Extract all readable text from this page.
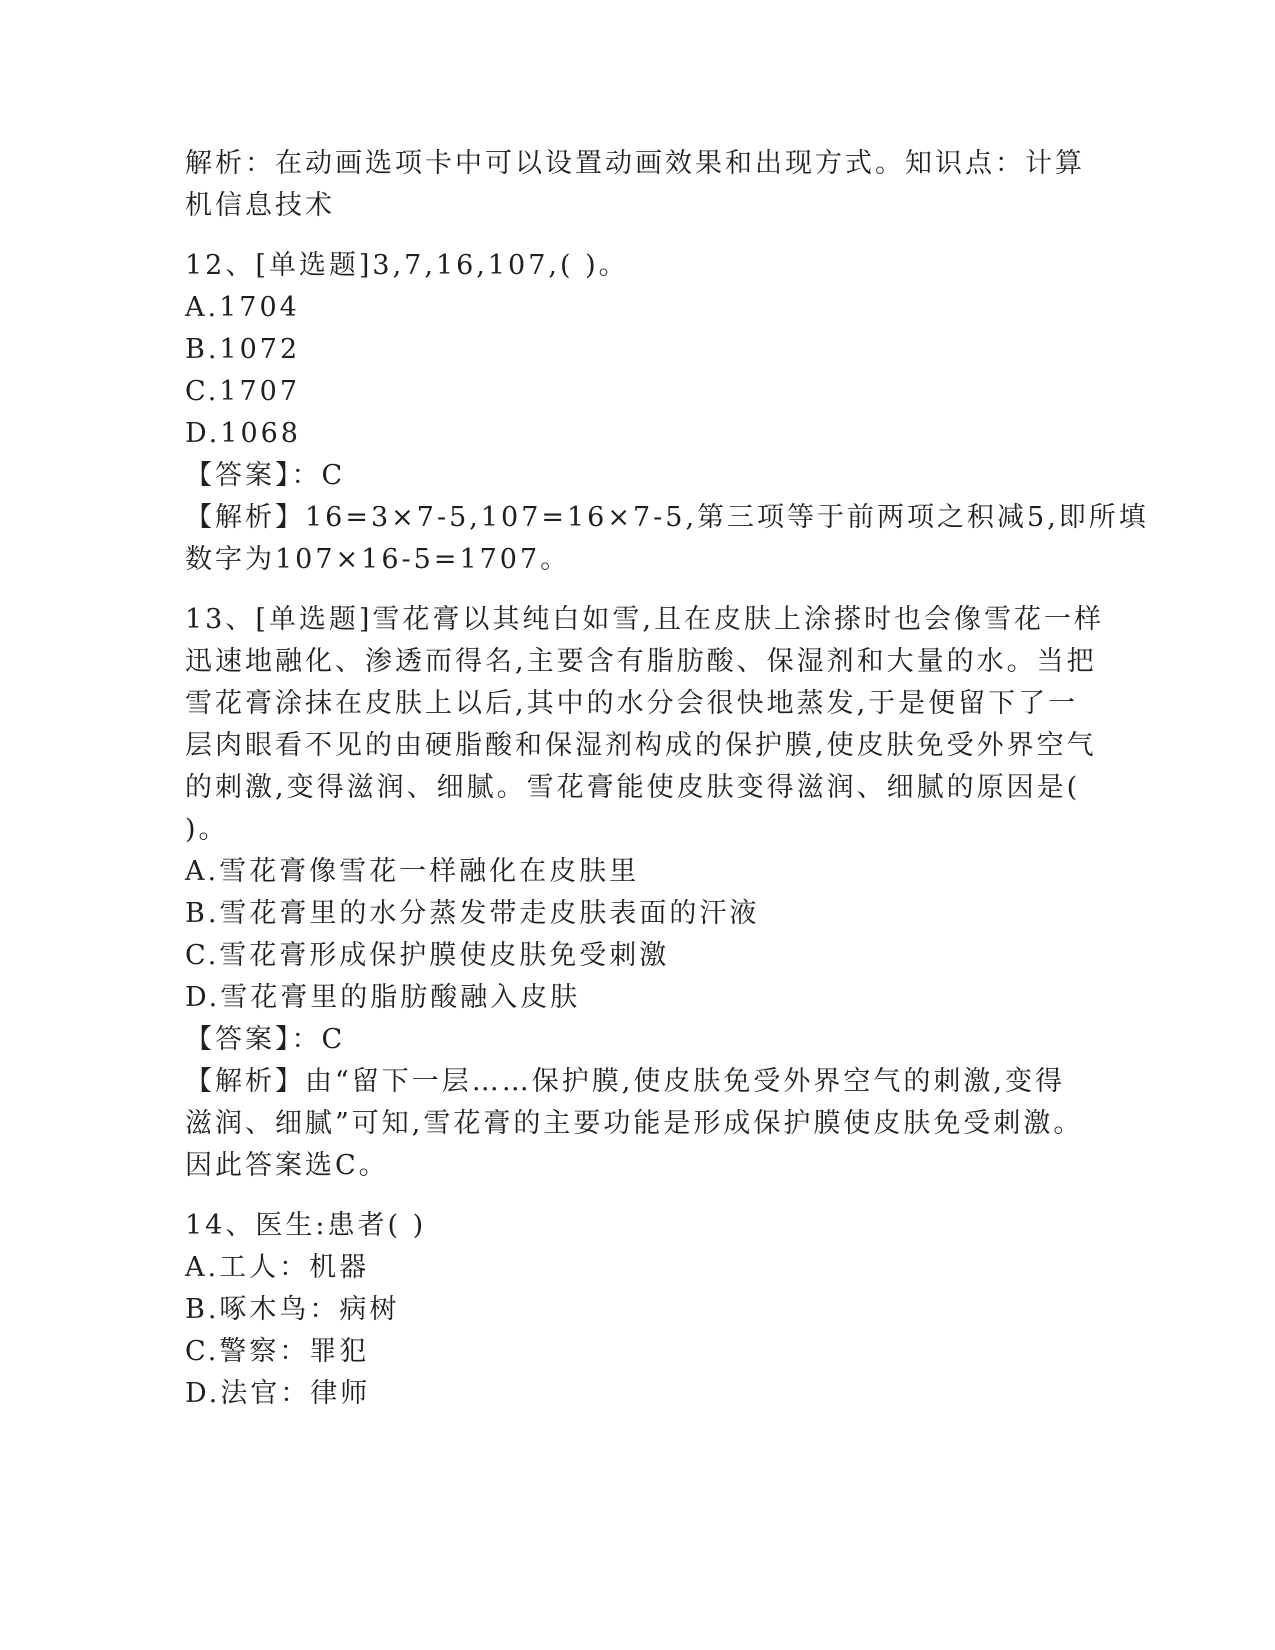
解析：在动画选项卡中可以设置动画效果和出现方式。知识点：计算
机信息技术
12、[单选题]3,7,16,107,( )。
A.1704
B.1072
C.1707
D.1068
【答案】：C
【解析】16=3×7-5,107=16×7-5,第三项等于前两项之积减5,即所填
数字为107×16-5=1707。
13、[单选题]雪花膏以其纯白如雪,且在皮肤上涂搽时也会像雪花一样
迅速地融化、渗透而得名,主要含有脂肪酸、保湿剂和大量的水。当把
雪花膏涂抹在皮肤上以后,其中的水分会很快地蒸发,于是便留下了一
层肉眼看不见的由硬脂酸和保湿剂构成的保护膜,使皮肤免受外界空气
的刺激,变得滋润、细腻。雪花膏能使皮肤变得滋润、细腻的原因是(
)。
A.雪花膏像雪花一样融化在皮肤里
B.雪花膏里的水分蒸发带走皮肤表面的汗液
C.雪花膏形成保护膜使皮肤免受刺激
D.雪花膏里的脂肪酸融入皮肤
【答案】：C
【解析】由“留下一层……保护膜,使皮肤免受外界空气的刺激,变得
滋润、细腻”可知,雪花膏的主要功能是形成保护膜使皮肤免受刺激。
因此答案选C。
14、医生:患者( )
A.工人：机器
B.啄木鸟：病树
C.警察：罪犯
D.法官：律师
